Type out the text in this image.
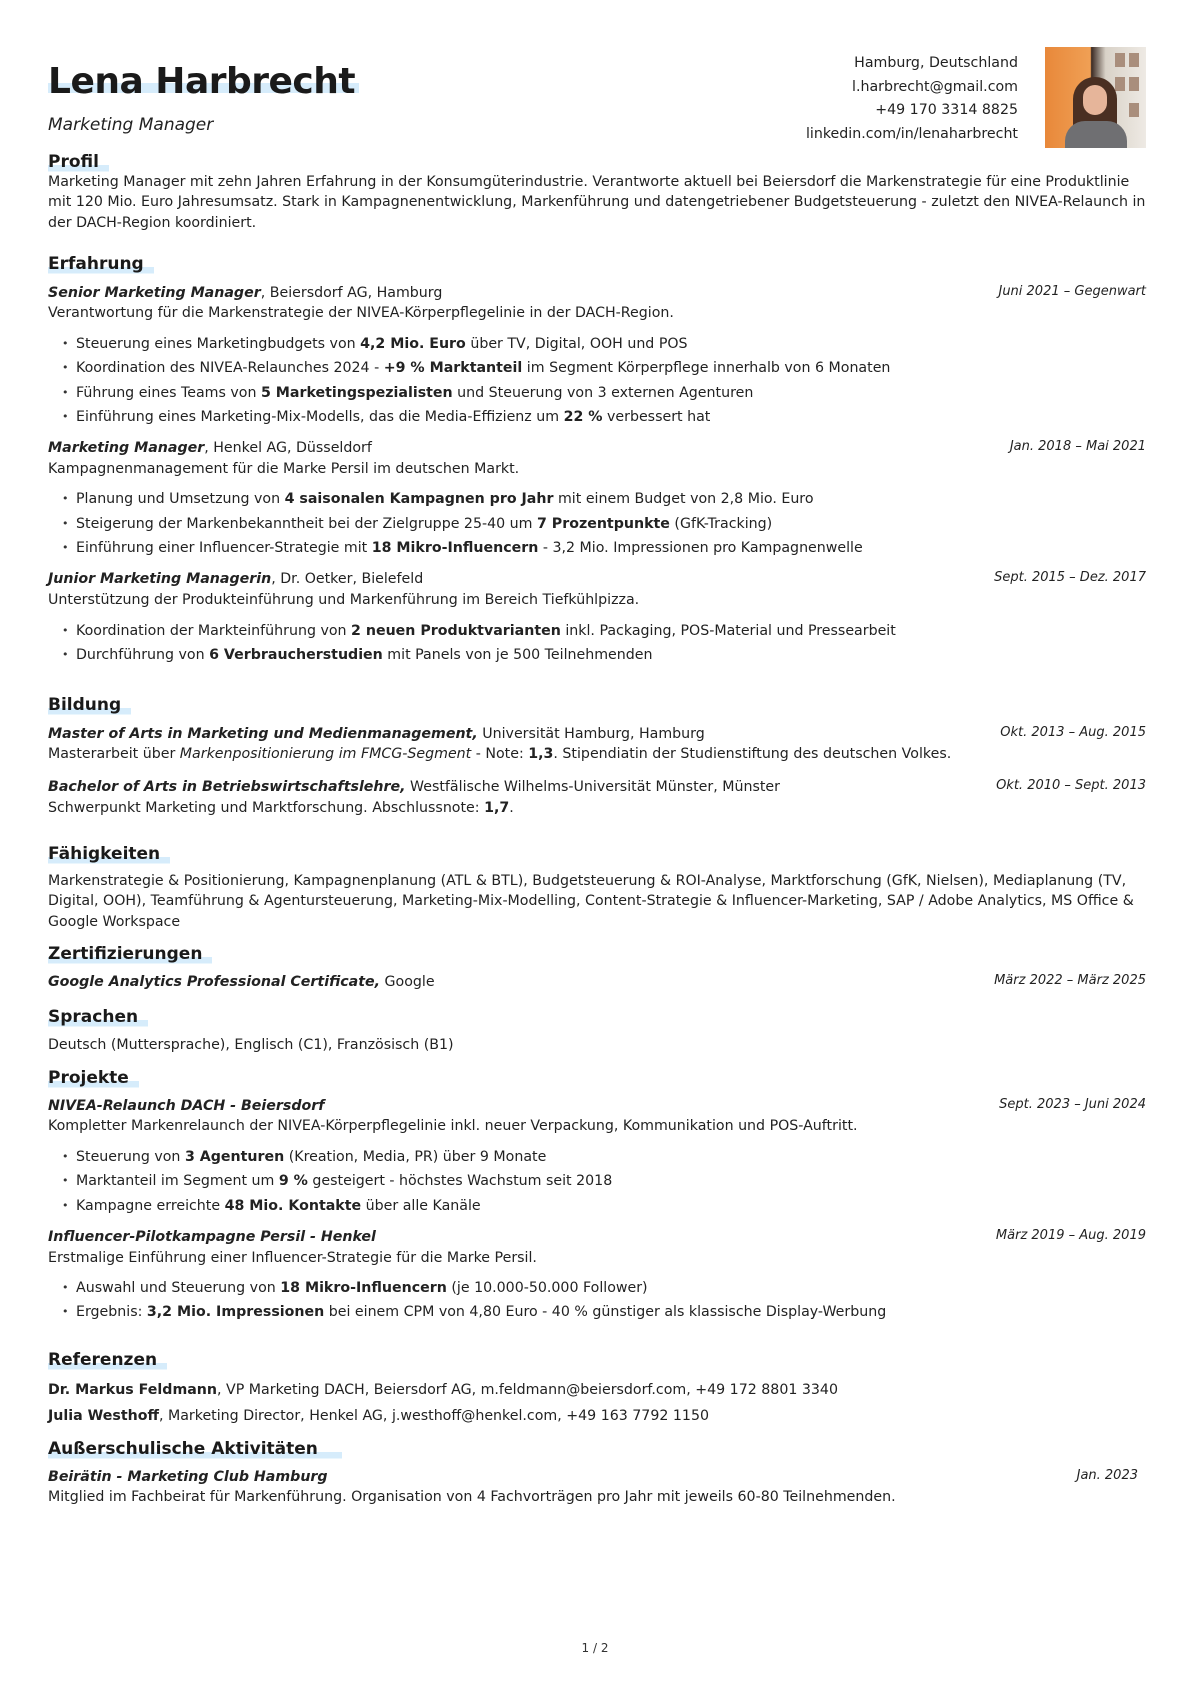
Lena Harbrecht
Marketing Manager
Hamburg, Deutschland
l.harbrecht@gmail.com
+49 170 3314 8825
linkedin.com/in/lenaharbrecht
Profil

Marketing Manager mit zehn Jahren Erfahrung in der Konsumgüterindustrie. Verantworte aktuell bei Beiersdorf die Markenstrategie für eine Produktlinie mit 120 Mio. Euro Jahresumsatz. Stark in Kampagnenentwicklung, Markenführung und datengetriebener Budgetsteuerung - zuletzt den NIVEA-Relaunch in der DACH-Region koordiniert.

Erfahrung

Senior Marketing Manager, Beiersdorf AG, Hamburg	Juni 2021 – Gegenwart

Verantwortung für die Markenstrategie der NIVEA-Körperpflegelinie in der DACH-Region.

• Steuerung eines Marketingbudgets von 4,2 Mio. Euro über TV, Digital, OOH und POS
• Koordination des NIVEA-Relaunches 2024 - +9 % Marktanteil im Segment Körperpflege innerhalb von 6 Monaten
• Führung eines Teams von 5 Marketingspezialisten und Steuerung von 3 externen Agenturen
• Einführung eines Marketing-Mix-Modells, das die Media-Effizienz um 22 % verbessert hat

Marketing Manager, Henkel AG, Düsseldorf	Jan. 2018 – Mai 2021

Kampagnenmanagement für die Marke Persil im deutschen Markt.

• Planung und Umsetzung von 4 saisonalen Kampagnen pro Jahr mit einem Budget von 2,8 Mio. Euro
• Steigerung der Markenbekanntheit bei der Zielgruppe 25-40 um 7 Prozentpunkte (GfK-Tracking)
• Einführung einer Influencer-Strategie mit 18 Mikro-Influencern - 3,2 Mio. Impressionen pro Kampagnenwelle

Junior Marketing Managerin, Dr. Oetker, Bielefeld	Sept. 2015 – Dez. 2017

Unterstützung der Produkteinführung und Markenführung im Bereich Tiefkühlpizza.

• Koordination der Markteinführung von 2 neuen Produktvarianten inkl. Packaging, POS-Material und Pressearbeit
• Durchführung von 6 Verbraucherstudien mit Panels von je 500 Teilnehmenden
Bildung

Master of Arts in Marketing und Medienmanagement, Universität Hamburg, Hamburg	Okt. 2013 – Aug. 2015

Masterarbeit über Markenpositionierung im FMCG-Segment - Note: 1,3. Stipendiatin der Studienstiftung des deutschen Volkes.

Bachelor of Arts in Betriebswirtschaftslehre, Westfälische Wilhelms-Universität Münster, Münster	Okt. 2010 – Sept. 2013

Schwerpunkt Marketing und Marktforschung. Abschlussnote: 1,7.

Fähigkeiten

Markenstrategie & Positionierung, Kampagnenplanung (ATL & BTL), Budgetsteuerung & ROI-Analyse, Marktforschung (GfK, Nielsen), Mediaplanung (TV, Digital, OOH), Teamführung & Agentursteuerung, Marketing-Mix-Modelling, Content-Strategie & Influencer-Marketing, SAP / Adobe Analytics, MS Office & Google Workspace

Zertifizierungen

Google Analytics Professional Certificate, Google	März 2022 – März 2025
Sprachen

Deutsch (Muttersprache), Englisch (C1), Französisch (B1)

Projekte

NIVEA-Relaunch DACH - Beiersdorf	Sept. 2023 – Juni 2024

Kompletter Markenrelaunch der NIVEA-Körperpflegelinie inkl. neuer Verpackung, Kommunikation und POS-Auftritt.

• Steuerung von 3 Agenturen (Kreation, Media, PR) über 9 Monate
• Marktanteil im Segment um 9 % gesteigert - höchstes Wachstum seit 2018
• Kampagne erreichte 48 Mio. Kontakte über alle Kanäle

Influencer-Pilotkampagne Persil - Henkel	März 2019 – Aug. 2019

Erstmalige Einführung einer Influencer-Strategie für die Marke Persil.

• Auswahl und Steuerung von 18 Mikro-Influencern (je 10.000-50.000 Follower)
• Ergebnis: 3,2 Mio. Impressionen bei einem CPM von 4,80 Euro - 40 % günstiger als klassische Display-Werbung
Referenzen
Dr. Markus Feldmann, VP Marketing DACH, Beiersdorf AG, m.feldmann@beiersdorf.com, +49 172 8801 3340
Julia Westhoff, Marketing Director, Henkel AG, j.westhoff@henkel.com, +49 163 7792 1150
Außerschulische Aktivitäten

Beirätin - Marketing Club Hamburg	Jan. 2023

Mitglied im Fachbeirat für Markenführung. Organisation von 4 Fachvorträgen pro Jahr mit jeweils 60-80 Teilnehmenden.

1 / 2
